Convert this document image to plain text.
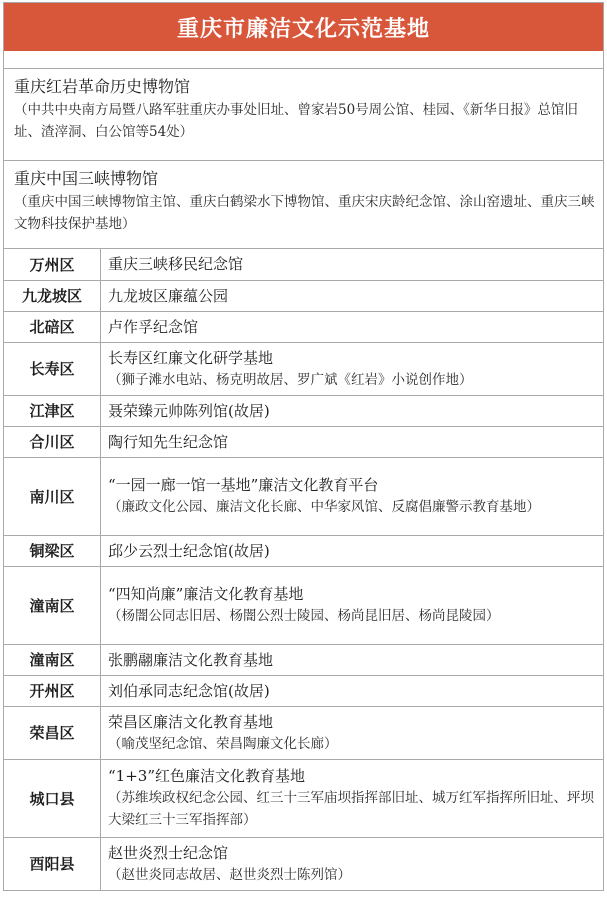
重庆市廉洁文化示范基地
重庆红岩革命历史博物馆
（中共中央南方局暨八路军驻重庆办事处旧址、曾家岩50号周公馆、桂园、《新华日报》总馆旧址、渣滓洞、白公馆等54处）
重庆中国三峡博物馆
（重庆中国三峡博物馆主馆、重庆白鹤梁水下博物馆、重庆宋庆龄纪念馆、涂山窑遗址、重庆三峡文物科技保护基地）
万州区	重庆三峡移民纪念馆

九龙坡区	九龙坡区廉蕴公园

北碚区	卢作孚纪念馆

长寿区	长寿区红廉文化研学基地
（狮子滩水电站、杨克明故居、罗广斌《红岩》小说创作地）

江津区	聂荣臻元帅陈列馆(故居)

合川区	陶行知先生纪念馆

南川区	“一园一廊一馆一基地”廉洁文化教育平台
（廉政文化公园、廉洁文化长廊、中华家风馆、反腐倡廉警示教育基地）

铜梁区	邱少云烈士纪念馆(故居)

潼南区	“四知尚廉”廉洁文化教育基地
（杨闇公同志旧居、杨闇公烈士陵园、杨尚昆旧居、杨尚昆陵园）

潼南区	张鹏翮廉洁文化教育基地

开州区	刘伯承同志纪念馆(故居)

荣昌区	荣昌区廉洁文化教育基地
（喻茂坚纪念馆、荣昌陶廉文化长廊）

城口县	“1+3”红色廉洁文化教育基地
（苏维埃政权纪念公园、红三十三军庙坝指挥部旧址、城万红军指挥所旧址、坪坝大梁红三十三军指挥部）

酉阳县	赵世炎烈士纪念馆
（赵世炎同志故居、赵世炎烈士陈列馆）
